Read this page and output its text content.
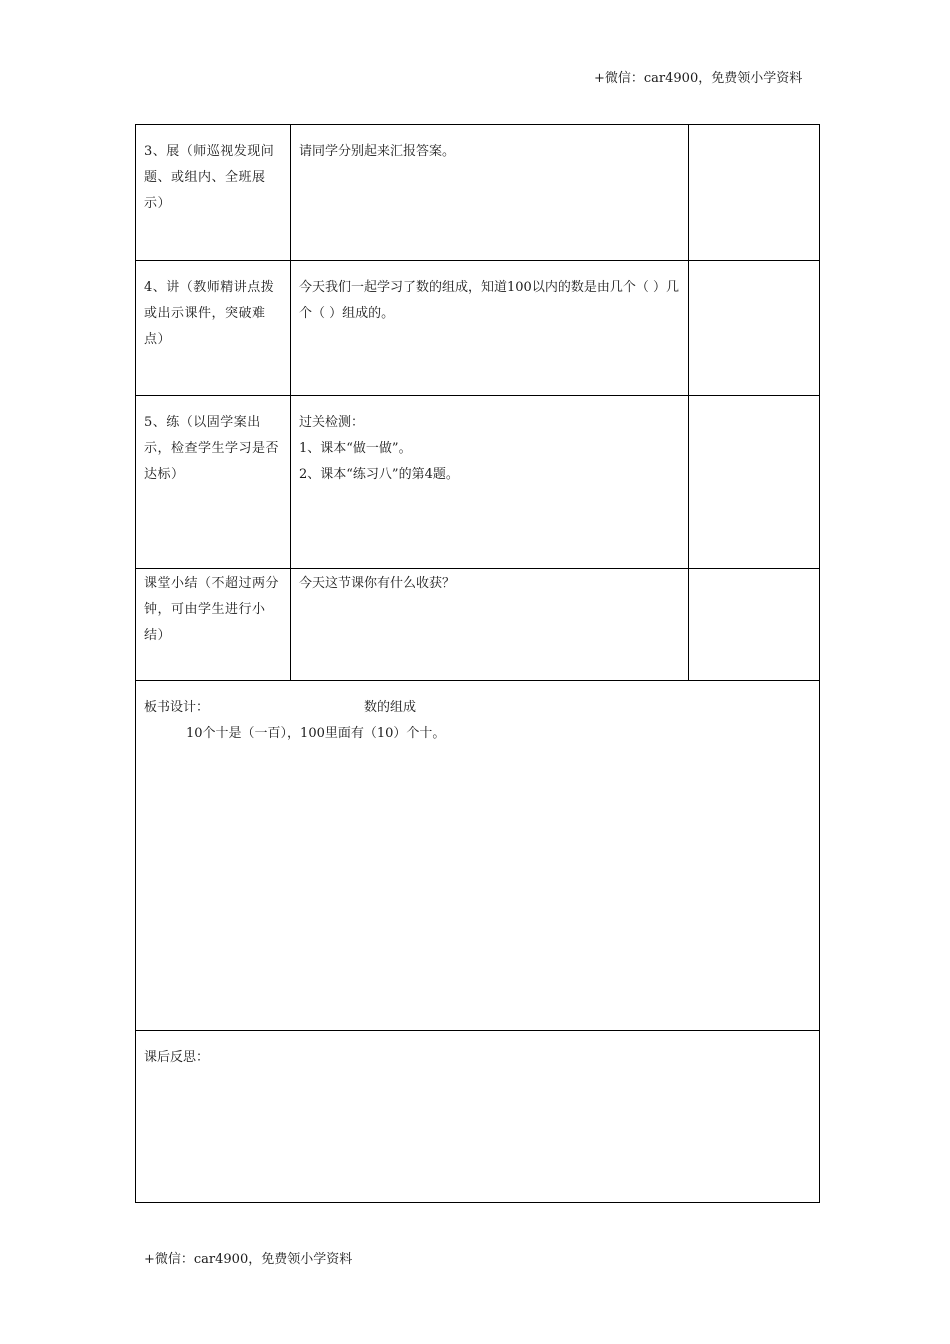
+微信：car4900，免费领小学资料
3、展（师巡视发现问题、或组内、全班展示）	请同学分别起来汇报答案。	

4、讲（教师精讲点拨或出示课件，突破难点）	今天我们一起学习了数的组成，知道100以内的数是由几个（ ）几个（ ）组成的。	

5、练（以固学案出示，检查学生学习是否达标）	过关检测：
1、课本“做一做”。
2、课本“练习八”的第4题。	

课堂小结（不超过两分钟，可由学生进行小结）	今天这节课你有什么收获？	

板书设计： 数的组成
10个十是（一百），100里面有（10）个十。		

课后反思：		
+微信：car4900，免费领小学资料
